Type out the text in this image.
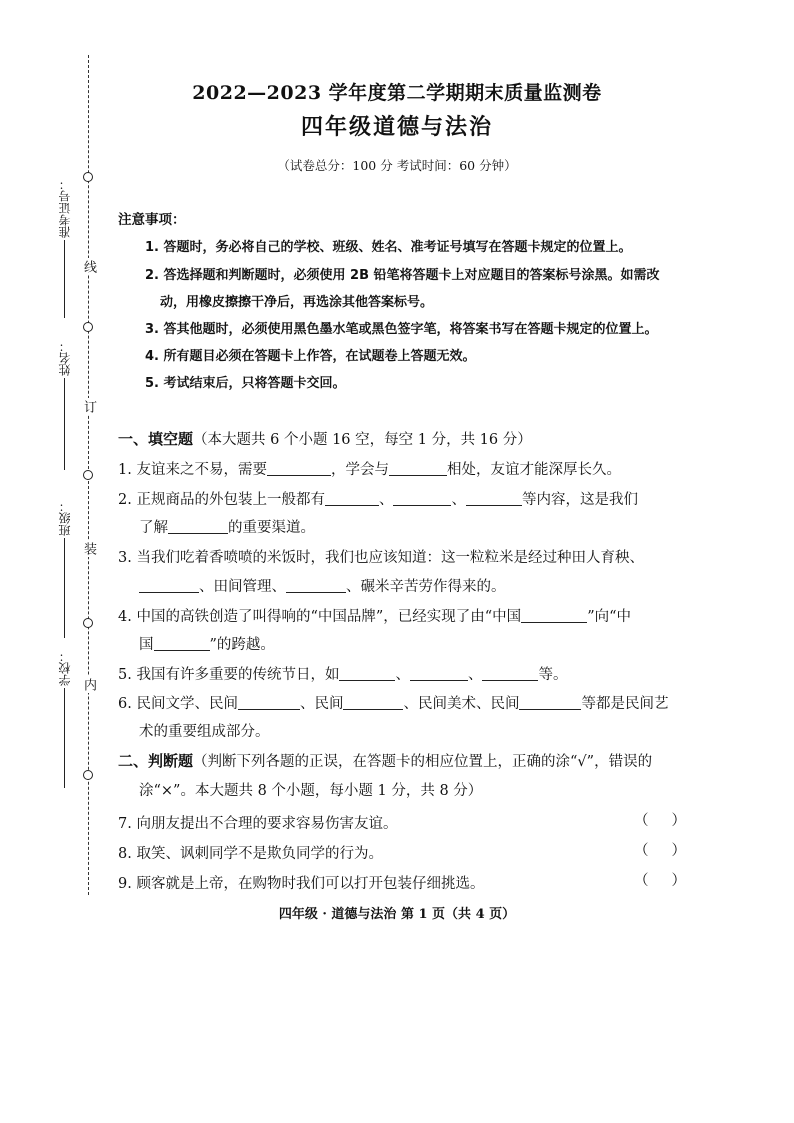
线
订
装
内
准考证号：
姓名：
班级：
学校：
2022—2023 学年度第二学期期末质量监测卷
四年级道德与法治
（试卷总分：100 分 考试时间：60 分钟）
注意事项：
1. 答题时，务必将自己的学校、班级、姓名、准考证号填写在答题卡规定的位置上。
2. 答选择题和判断题时，必须使用 2B 铅笔将答题卡上对应题目的答案标号涂黑。如需改
动，用橡皮擦擦干净后，再选涂其他答案标号。
3. 答其他题时，必须使用黑色墨水笔或黑色签字笔，将答案书写在答题卡规定的位置上。
4. 所有题目必须在答题卡上作答，在试题卷上答题无效。
5. 考试结束后，只将答题卡交回。
一、填空题（本大题共 6 个小题 16 空，每空 1 分，共 16 分）
1. 友谊来之不易，需要	，学会与	相处，友谊才能深厚长久。
2. 正规商品的外包装上一般都有	、	、	等内容，这是我们
了解	的重要渠道。
3. 当我们吃着香喷喷的米饭时，我们也应该知道：这一粒粒米是经过种田人育秧、
、田间管理、	、碾米辛苦劳作得来的。
4. 中国的高铁创造了叫得响的“中国品牌”，已经实现了由“中国	”向“中
国	”的跨越。
5. 我国有许多重要的传统节日，如	、	、	等。
6. 民间文学、民间	、民间	、民间美术、民间	等都是民间艺
术的重要组成部分。
二、判断题（判断下列各题的正误，在答题卡的相应位置上，正确的涂“√”，错误的
涂“×”。本大题共 8 个小题，每小题 1 分，共 8 分）
7. 向朋友提出不合理的要求容易伤害友谊。	（ ）
8. 取笑、讽刺同学不是欺负同学的行为。	（ ）
9. 顾客就是上帝，在购物时我们可以打开包装仔细挑选。	（ ）
四年级 · 道德与法治 第 1 页（共 4 页）
